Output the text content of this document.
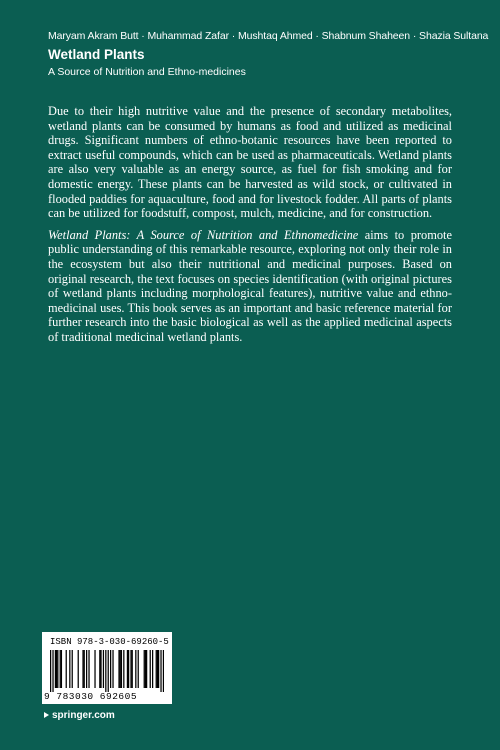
Maryam Akram Butt · Muhammad Zafar · Mushtaq Ahmed · Shabnum Shaheen · Shazia Sultana
Wetland Plants
A Source of Nutrition and Ethno-medicines

Due to their high nutritive value and the presence of secondary metabolites, wetland plants can be consumed by humans as food and utilized as medicinal drugs. Significant numbers of ethno-botanic resources have been reported to extract useful compounds, which can be used as pharmaceuticals. Wetland plants are also very valuable as an energy source, as fuel for fish smoking and for domestic energy. These plants can be harvested as wild stock, or cultivated in flooded paddies for aquaculture, food and for livestock fodder. All parts of plants can be utilized for foodstuff, compost, mulch, medicine, and for construction.

Wetland Plants: A Source of Nutrition and Ethnomedicine aims to promote public understanding of this remarkable resource, exploring not only their role in the ecosystem but also their nutritional and medicinal purposes. Based on original research, the text focuses on species identification (with original pictures of wetland plants including morphological features), nutritive value and ethno-medicinal uses. This book serves as an important and basic reference material for further research into the basic biological as well as the applied medicinal aspects of traditional medicinal wetland plants.

ISBN 978-3-030-69260-5
9 783030 692605
springer.com
